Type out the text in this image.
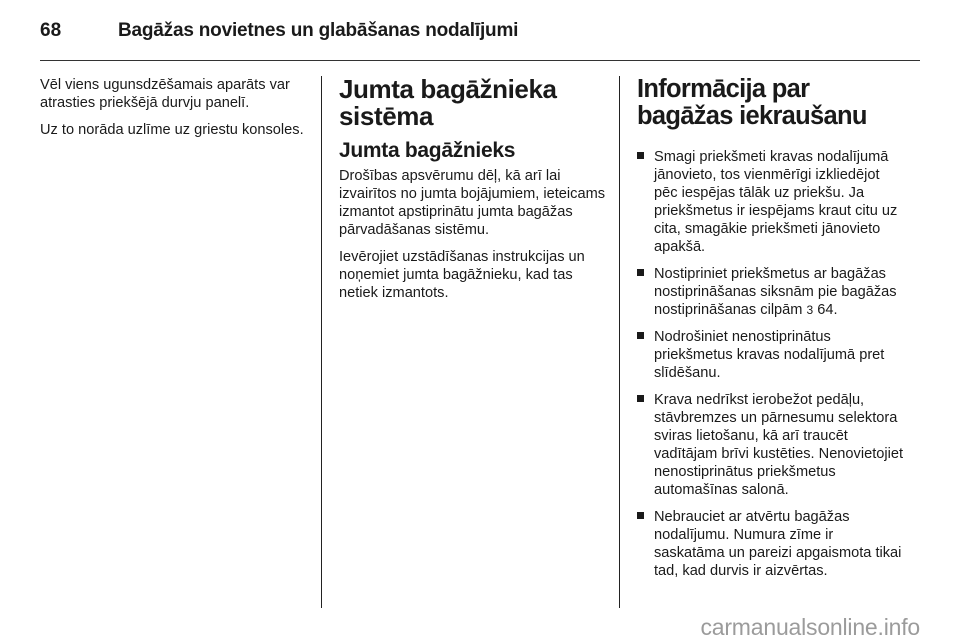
68	Bagāžas novietnes un glabāšanas nodalījumi

Vēl viens ugunsdzēšamais aparāts var atrasties priekšējā durvju panelī.

Uz to norāda uzlīme uz griestu konsoles.

Jumta bagāžnieka sistēma
Jumta bagāžnieks

Drošības apsvērumu dēļ, kā arī lai izvairītos no jumta bojājumiem, ieteicams izmantot apstiprinātu jumta bagāžas pārvadāšanas sistēmu.

Ievērojiet uzstādīšanas instrukcijas un noņemiet jumta bagāžnieku, kad tas netiek izmantots.

Informācija par bagāžas iekraušanu
Smagi priekšmeti kravas nodalījumā jānovieto, tos vienmērīgi izkliedējot pēc iespējas tālāk uz priekšu. Ja priekšmetus ir iespējams kraut citu uz cita, smagākie priekšmeti jānovieto apakšā.
Nostipriniet priekšmetus ar bagāžas nostiprināšanas siksnām pie bagāžas nostiprināšanas cilpām 3 64.
Nodrošiniet nenostiprinātus priekšmetus kravas nodalījumā pret slīdēšanu.
Krava nedrīkst ierobežot pedāļu, stāvbremzes un pārnesumu selektora sviras lietošanu, kā arī traucēt vadītājam brīvi kustēties. Nenovietojiet nenostiprinātus priekšmetus automašīnas salonā.
Nebrauciet ar atvērtu bagāžas nodalījumu. Numura zīme ir saskatāma un pareizi apgaismota tikai tad, kad durvis ir aizvērtas.
carmanualsonline.info
